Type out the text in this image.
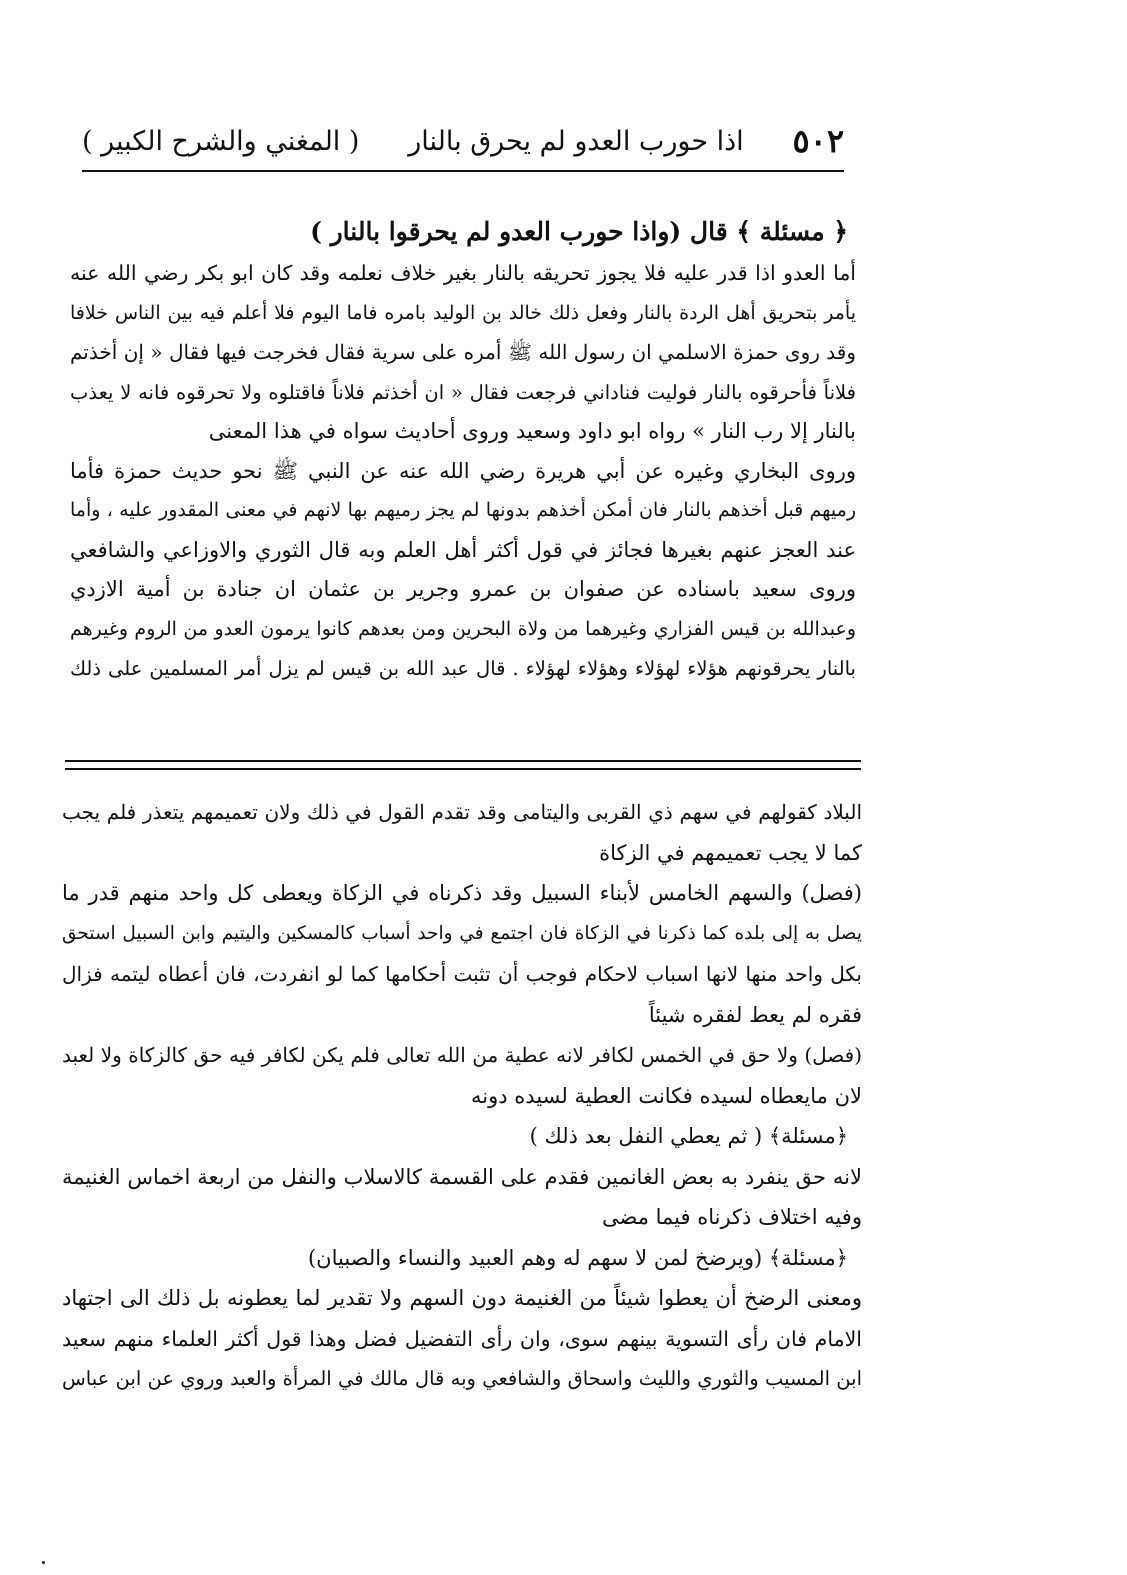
٥٠٢
اذا حورب العدو لم يحرق بالنار
( المغني والشرح الكبير )
﴿ مسئلة ﴾ قال (واذا حورب العدو لم يحرقوا بالنار )
أما العدو اذا قدر عليه فلا يجوز تحريقه بالنار بغير خلاف نعلمه وقد كان ابو بكر رضي الله عنه
يأمر بتحريق أهل الردة بالنار وفعل ذلك خالد بن الوليد بامره فاما اليوم فلا أعلم فيه بين الناس خلافا
وقد روى حمزة الاسلمي ان رسول الله ﷺ أمره على سرية فقال فخرجت فيها فقال « إن أخذتم
فلاناً فأحرقوه بالنار فوليت فناداني فرجعت فقال « ان أخذتم فلاناً فاقتلوه ولا تحرقوه فانه لا يعذب
بالنار إلا رب النار » رواه ابو داود وسعيد وروى أحاديث سواه في هذا المعنى
وروى البخاري وغيره عن أبي هريرة رضي الله عنه عن النبي ﷺ نحو حديث حمزة فأما
رميهم قبل أخذهم بالنار فان أمكن أخذهم بدونها لم يجز رميهم بها لانهم في معنى المقدور عليه ، وأما
عند العجز عنهم بغيرها فجائز في قول أكثر أهل العلم وبه قال الثوري والاوزاعي والشافعي
وروى سعيد باسناده عن صفوان بن عمرو وجرير بن عثمان ان جنادة بن أمية الازدي
وعبدالله بن قيس الفزاري وغيرهما من ولاة البحرين ومن بعدهم كانوا يرمون العدو من الروم وغيرهم
بالنار يحرقونهم هؤلاء لهؤلاء وهؤلاء لهؤلاء . قال عبد الله بن قيس لم يزل أمر المسلمين على ذلك
البلاد كقولهم في سهم ذي القربى واليتامى وقد تقدم القول في ذلك ولان تعميمهم يتعذر فلم يجب
كما لا يجب تعميمهم في الزكاة
(فصل) والسهم الخامس لأبناء السبيل وقد ذكرناه في الزكاة ويعطى كل واحد منهم قدر ما
يصل به إلى بلده كما ذكرنا في الزكاة فان اجتمع في واحد أسباب كالمسكين واليتيم وابن السبيل استحق
بكل واحد منها لانها اسباب لاحكام فوجب أن تثبت أحكامها كما لو انفردت، فان أعطاه ليتمه فزال
فقره لم يعط لفقره شيئاً
(فصل) ولا حق في الخمس لكافر لانه عطية من الله تعالى فلم يكن لكافر فيه حق كالزكاة ولا لعبد
لان مايعطاه لسيده فكانت العطية لسيده دونه
﴿مسئلة﴾ ( ثم يعطي النفل بعد ذلك )
لانه حق ينفرد به بعض الغانمين فقدم على القسمة كالاسلاب والنفل من اربعة اخماس الغنيمة
وفيه اختلاف ذكرناه فيما مضى
﴿مسئلة﴾ (ويرضخ لمن لا سهم له وهم العبيد والنساء والصبيان)
ومعنى الرضخ أن يعطوا شيئاً من الغنيمة دون السهم ولا تقدير لما يعطونه بل ذلك الى اجتهاد
الامام فان رأى التسوية بينهم سوى، وان رأى التفضيل فضل وهذا قول أكثر العلماء منهم سعيد
ابن المسيب والثوري والليث واسحاق والشافعي وبه قال مالك في المرأة والعبد وروي عن ابن عباس
